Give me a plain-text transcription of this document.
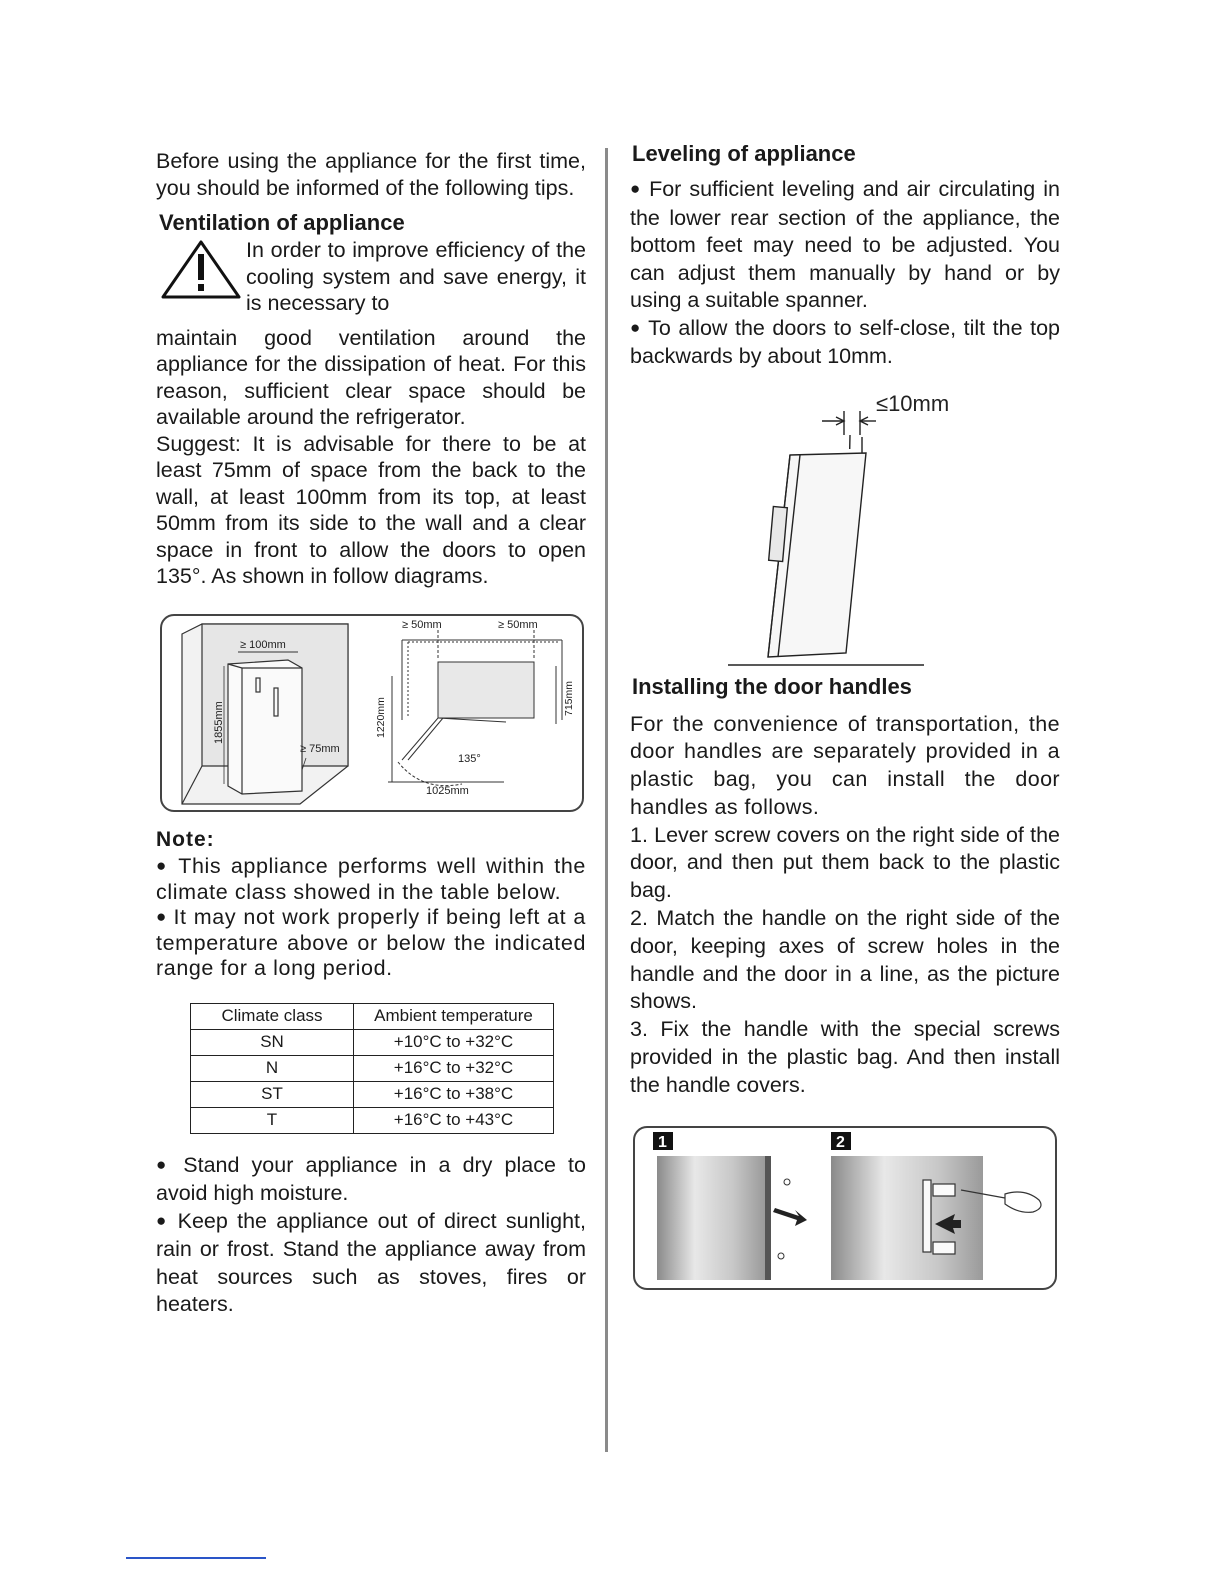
Before using the appliance for the first time, you should be informed of the following tips.

Ventilation of appliance

In order to improve efficiency of the cooling system and save energy, it is necessary to

maintain good ventilation around the appliance for the dissipation of heat. For this reason, sufficient clear space should be available around the refrigerator.

Suggest: It is advisable for there to be at least 75mm of space from the back to the wall, at least 100mm from its top, at least 50mm from its side to the wall and a clear space in front to allow the doors to open 135°. As shown in follow diagrams.

≥ 100mm
1855mm
≥ 75mm
≥ 50mm	≥ 50mm
1220mm	715mm
135°
1025mm
Note:

● This appliance performs well within the climate class showed in the table below.

● It may not work properly if being left at a temperature above or below the indicated range for a long period.

Climate class	Ambient temperature
SN	+10°C to +32°C
N	+16°C to +32°C
ST	+16°C to +38°C
T	+16°C to +43°C

● Stand your appliance in a dry place to avoid high moisture.

● Keep the appliance out of direct sunlight, rain or frost. Stand the appliance away from heat sources such as stoves, fires or heaters.

Leveling of appliance

● For sufficient leveling and air circulating in the lower rear section of the appliance, the bottom feet may need to be adjusted. You can adjust them manually by hand or by using a suitable spanner.

● To allow the doors to self-close, tilt the top backwards by about 10mm.

≤10mm
Installing the door handles

For the convenience of transportation, the door handles are separately provided in a plastic bag, you can install the door handles as follows.

1. Lever screw covers on the right side of the door, and then put them back to the plastic bag.

2. Match the handle on the right side of the door, keeping axes of screw holes in the handle and the door in a line, as the picture shows.

3. Fix the handle with the special screws provided in the plastic bag. And then install the handle covers.

1	2
